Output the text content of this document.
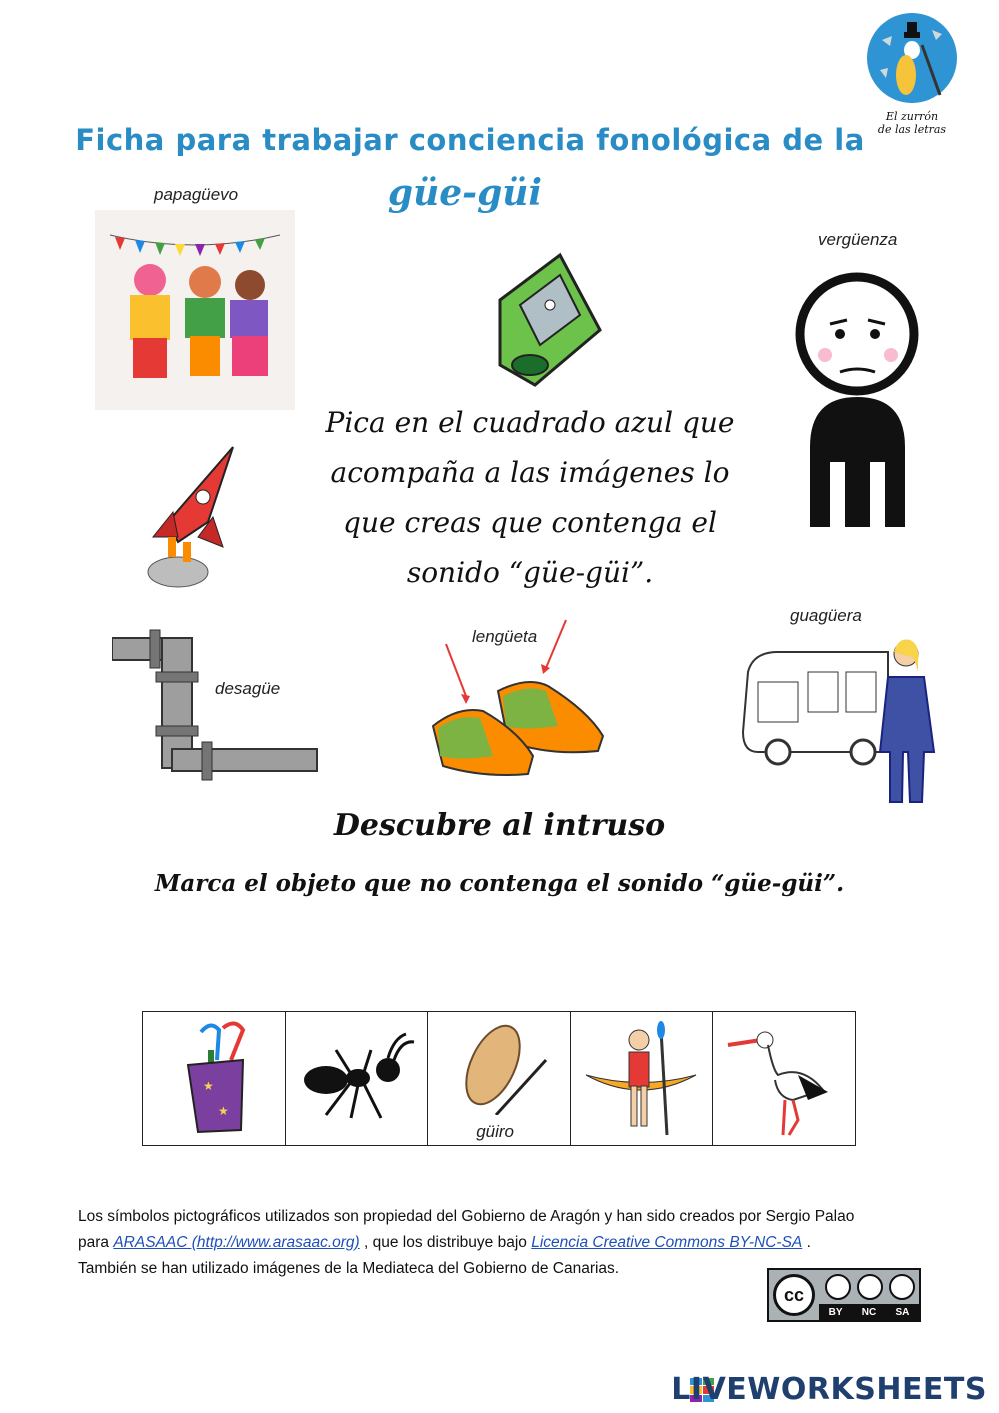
El zurrón
de las letras
Ficha para trabajar conciencia fonológica de la
güe-güi
papagüevo
vergüenza
Pica en el cuadrado azul que
acompaña a las imágenes lo
que creas que contenga el
sonido “güe-güi”.
desagüe
lengüeta
guagüera
Descubre al intruso
Marca el objeto que no contenga el sonido “güe-güi”.
★
★
güiro
Los símbolos pictográficos utilizados son propiedad del Gobierno de Aragón y han sido creados por Sergio Palao
para ARASAAC (http://www.arasaac.org) , que los distribuye bajo Licencia Creative Commons BY-NC-SA .
También se han utilizado imágenes de la Mediateca del Gobierno de Canarias.
cc
BY NC SA
LIVEWORKSHEETS
